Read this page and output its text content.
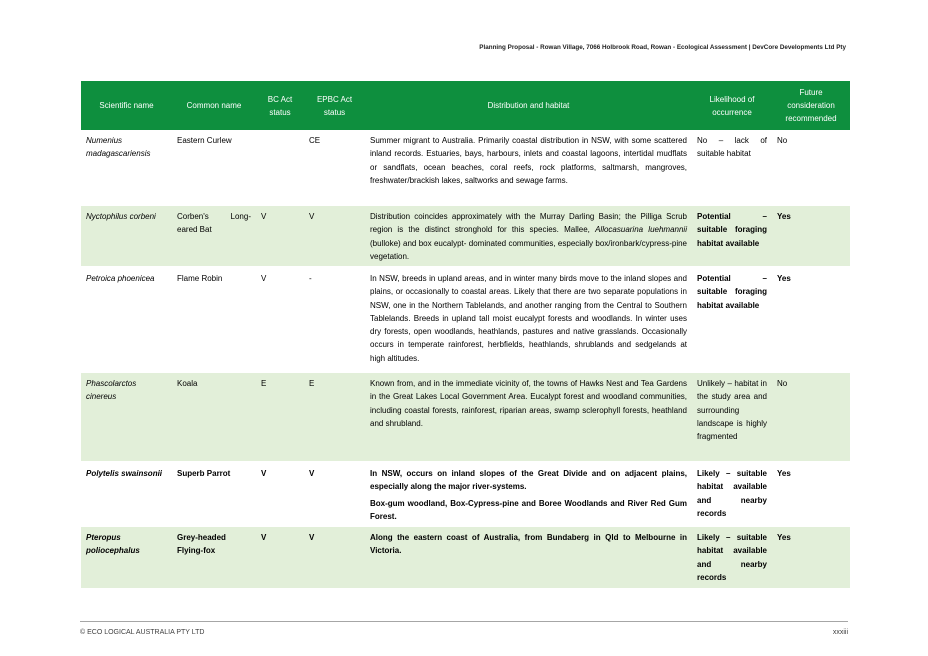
Planning Proposal - Rowan Village, 7066 Holbrook Road, Rowan - Ecological Assessment | DevCore Developments Ltd Pty
Scientific name	Common name	BC Act status	EPBC Act status	Distribution and habitat	Likelihood of occurrence	Future consideration recommended
Numenius madagascariensis	Eastern Curlew		CE	Summer migrant to Australia. Primarily coastal distribution in NSW, with some scattered inland records. Estuaries, bays, harbours, inlets and coastal lagoons, intertidal mudflats or sandflats, ocean beaches, coral reefs, rock platforms, saltmarsh, mangroves, freshwater/brackish lakes, saltworks and sewage farms.	No – lack of suitable habitat	No
Nyctophilus corbeni	Corben's Long-eared Bat	V	V	Distribution coincides approximately with the Murray Darling Basin; the Pilliga Scrub region is the distinct stronghold for this species. Mallee, Allocasuarina luehmannii (bulloke) and box eucalypt- dominated communities, especially box/ironbark/cypress-pine vegetation.	Potential – suitable foraging habitat available	Yes
Petroica phoenicea	Flame Robin	V	-	In NSW, breeds in upland areas, and in winter many birds move to the inland slopes and plains, or occasionally to coastal areas. Likely that there are two separate populations in NSW, one in the Northern Tablelands, and another ranging from the Central to Southern Tablelands. Breeds in upland tall moist eucalypt forests and woodlands. In winter uses dry forests, open woodlands, heathlands, pastures and native grasslands. Occasionally occurs in temperate rainforest, herbfields, heathlands, shrublands and sedgelands at high altitudes.	Potential – suitable foraging habitat available	Yes
Phascolarctos cinereus	Koala	E	E	Known from, and in the immediate vicinity of, the towns of Hawks Nest and Tea Gardens in the Great Lakes Local Government Area. Eucalypt forest and woodland communities, including coastal forests, rainforest, riparian areas, swamp sclerophyll forests, heathland and shrubland.	Unlikely – habitat in the study area and surrounding landscape is highly fragmented	No
Polytelis swainsonii	Superb Parrot	V	V	In NSW, occurs on inland slopes of the Great Divide and on adjacent plains, especially along the major river-systems.

Box-gum woodland, Box-Cypress-pine and Boree Woodlands and River Red Gum Forest.	Likely – suitable habitat available and nearby records	Yes
Pteropus poliocephalus	Grey-headed Flying-fox	V	V	Along the eastern coast of Australia, from Bundaberg in Qld to Melbourne in Victoria.	Likely – suitable habitat available and nearby records	Yes
© ECO LOGICAL AUSTRALIA PTY LTD	xxxiii
